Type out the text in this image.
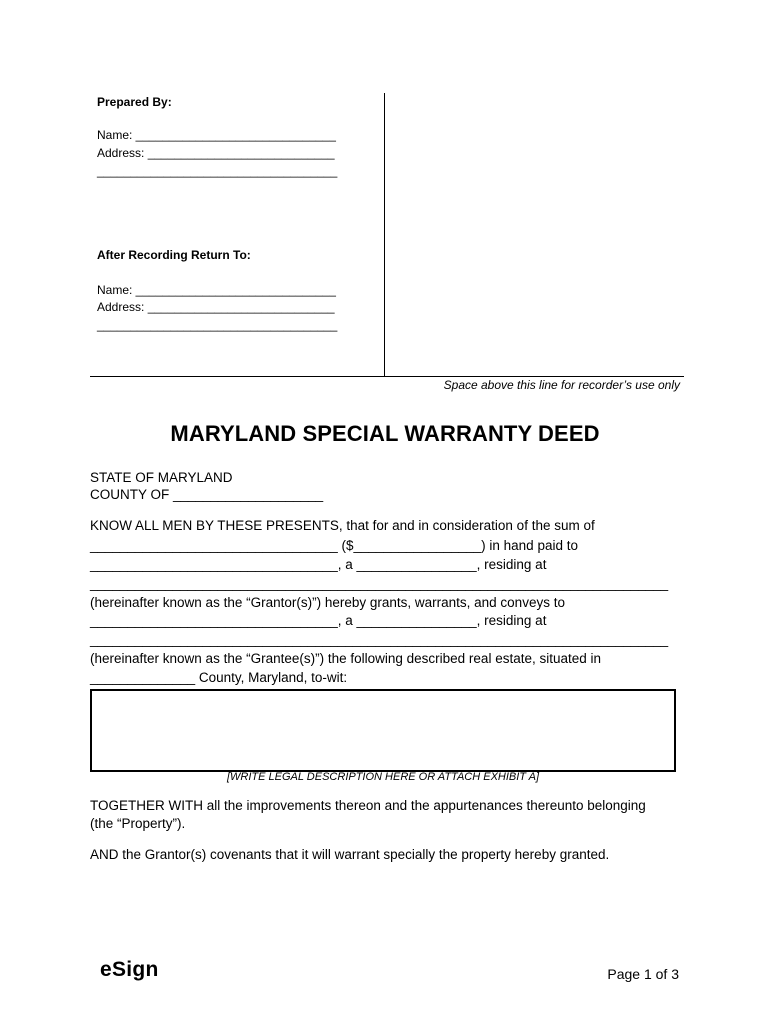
Prepared By:
Name: ______________________________
Address: ____________________________
____________________________________
After Recording Return To:
Name: ______________________________
Address: ____________________________
____________________________________
Space above this line for recorder’s use only
MARYLAND SPECIAL WARRANTY DEED
STATE OF MARYLAND
COUNTY OF ____________________
KNOW ALL MEN BY THESE PRESENTS, that for and in consideration of the sum of
_________________________________ ($_________________) in hand paid to
_________________________________, a ________________, residing at
_____________________________________________________________________________
(hereinafter known as the “Grantor(s)”) hereby grants, warrants, and conveys to
_________________________________, a ________________, residing at
_____________________________________________________________________________
(hereinafter known as the “Grantee(s)”) the following described real estate, situated in
______________ County, Maryland, to-wit:
[WRITE LEGAL DESCRIPTION HERE OR ATTACH EXHIBIT A]
TOGETHER WITH all the improvements thereon and the appurtenances thereunto belonging
(the “Property”).
AND the Grantor(s) covenants that it will warrant specially the property hereby granted.
eSign	Page 1 of 3
